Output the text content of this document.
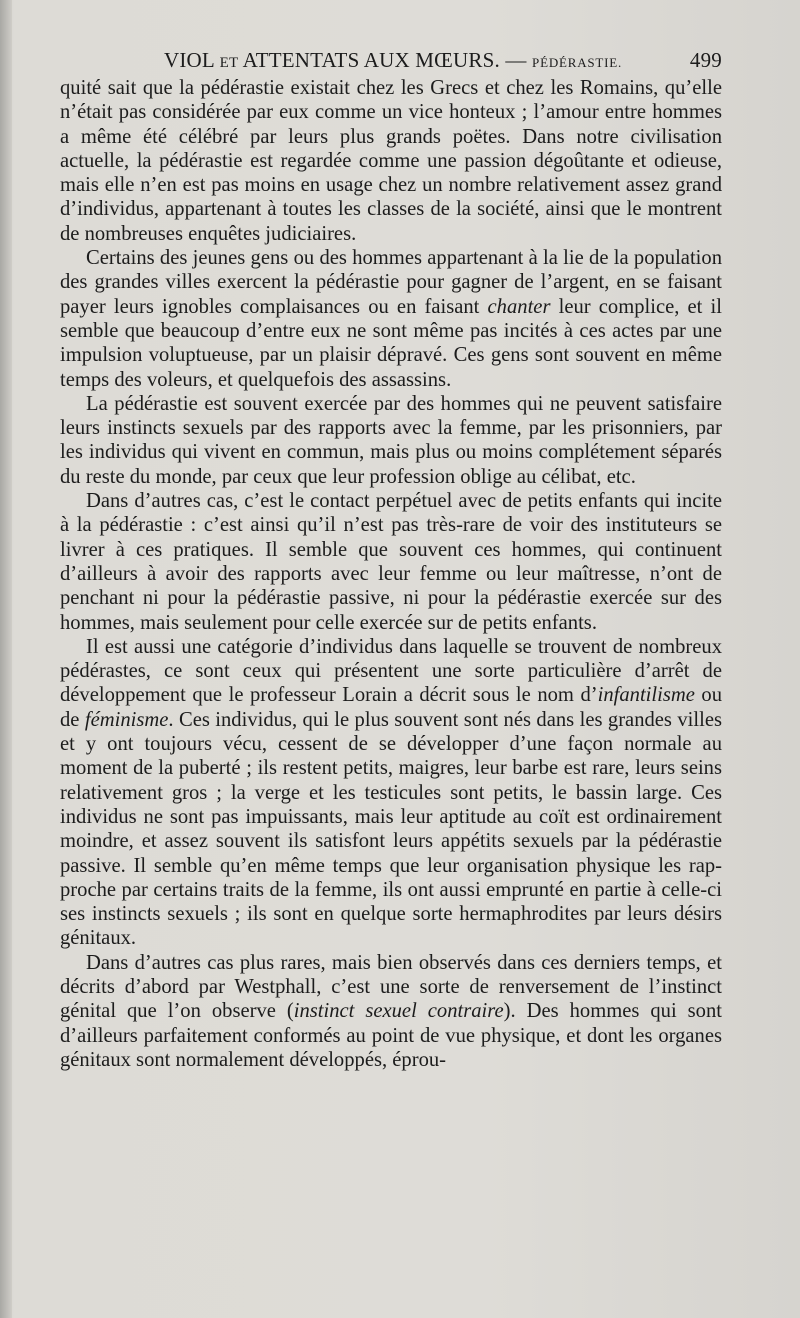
VIOL ET ATTENTATS AUX MŒURS. — PÉDÉRASTIE.	499

quité sait que la pédérastie existait chez les Grecs et chez les Romains, qu’elle n’était pas considérée par eux comme un vice honteux ; l’amour entre hommes a même été célébré par leurs plus grands poëtes. Dans notre civilisation actuelle, la pédérastie est regardée comme une passion dégoûtante et odieuse, mais elle n’en est pas moins en usage chez un nombre relativement assez grand d’individus, appartenant à toutes les classes de la société, ainsi que le montrent de nombreuses enquêtes judiciaires.

Certains des jeunes gens ou des hommes appartenant à la lie de la population des grandes villes exercent la pédérastie pour gagner de l’argent, en se faisant payer leurs ignobles complaisances ou en faisant chanter leur complice, et il semble que beaucoup d’entre eux ne sont même pas incités à ces actes par une impulsion voluptueuse, par un plaisir dépravé. Ces gens sont souvent en même temps des voleurs, et quelquefois des assassins.

La pédérastie est souvent exercée par des hommes qui ne peuvent satisfaire leurs instincts sexuels par des rapports avec la femme, par les prisonniers, par les individus qui vivent en commun, mais plus ou moins complétement séparés du reste du monde, par ceux que leur profession oblige au célibat, etc.

Dans d’autres cas, c’est le contact perpétuel avec de petits enfants qui incite à la pédérastie : c’est ainsi qu’il n’est pas très-rare de voir des instituteurs se livrer à ces pratiques. Il semble que souvent ces hommes, qui continuent d’ailleurs à avoir des rapports avec leur femme ou leur maîtresse, n’ont de penchant ni pour la pédérastie passive, ni pour la pédérastie exercée sur des hommes, mais seulement pour celle exercée sur de petits enfants.

Il est aussi une catégorie d’individus dans laquelle se trouvent de nombreux pédérastes, ce sont ceux qui présentent une sorte particulière d’arrêt de développement que le professeur Lorain a décrit sous le nom d’infantilisme ou de féminisme. Ces individus, qui le plus souvent sont nés dans les grandes villes et y ont toujours vécu, cessent de se développer d’une façon normale au moment de la puberté ; ils restent petits, maigres, leur barbe est rare, leurs seins relativement gros ; la verge et les testicules sont petits, le bassin large. Ces individus ne sont pas impuissants, mais leur aptitude au coït est ordinairement moindre, et assez souvent ils satisfont leurs appétits sexuels par la pédérastie passive. Il semble qu’en même temps que leur organisation physique les rapproche par certains traits de la femme, ils ont aussi emprunté en partie à celle-ci ses instincts sexuels ; ils sont en quelque sorte hermaphrodites par leurs désirs génitaux.

Dans d’autres cas plus rares, mais bien observés dans ces derniers temps, et décrits d’abord par Westphall, c’est une sorte de renversement de l’instinct génital que l’on observe (instinct sexuel contraire). Des hommes qui sont d’ailleurs parfaitement conformés au point de vue physique, et dont les organes génitaux sont normalement développés, éprou-
